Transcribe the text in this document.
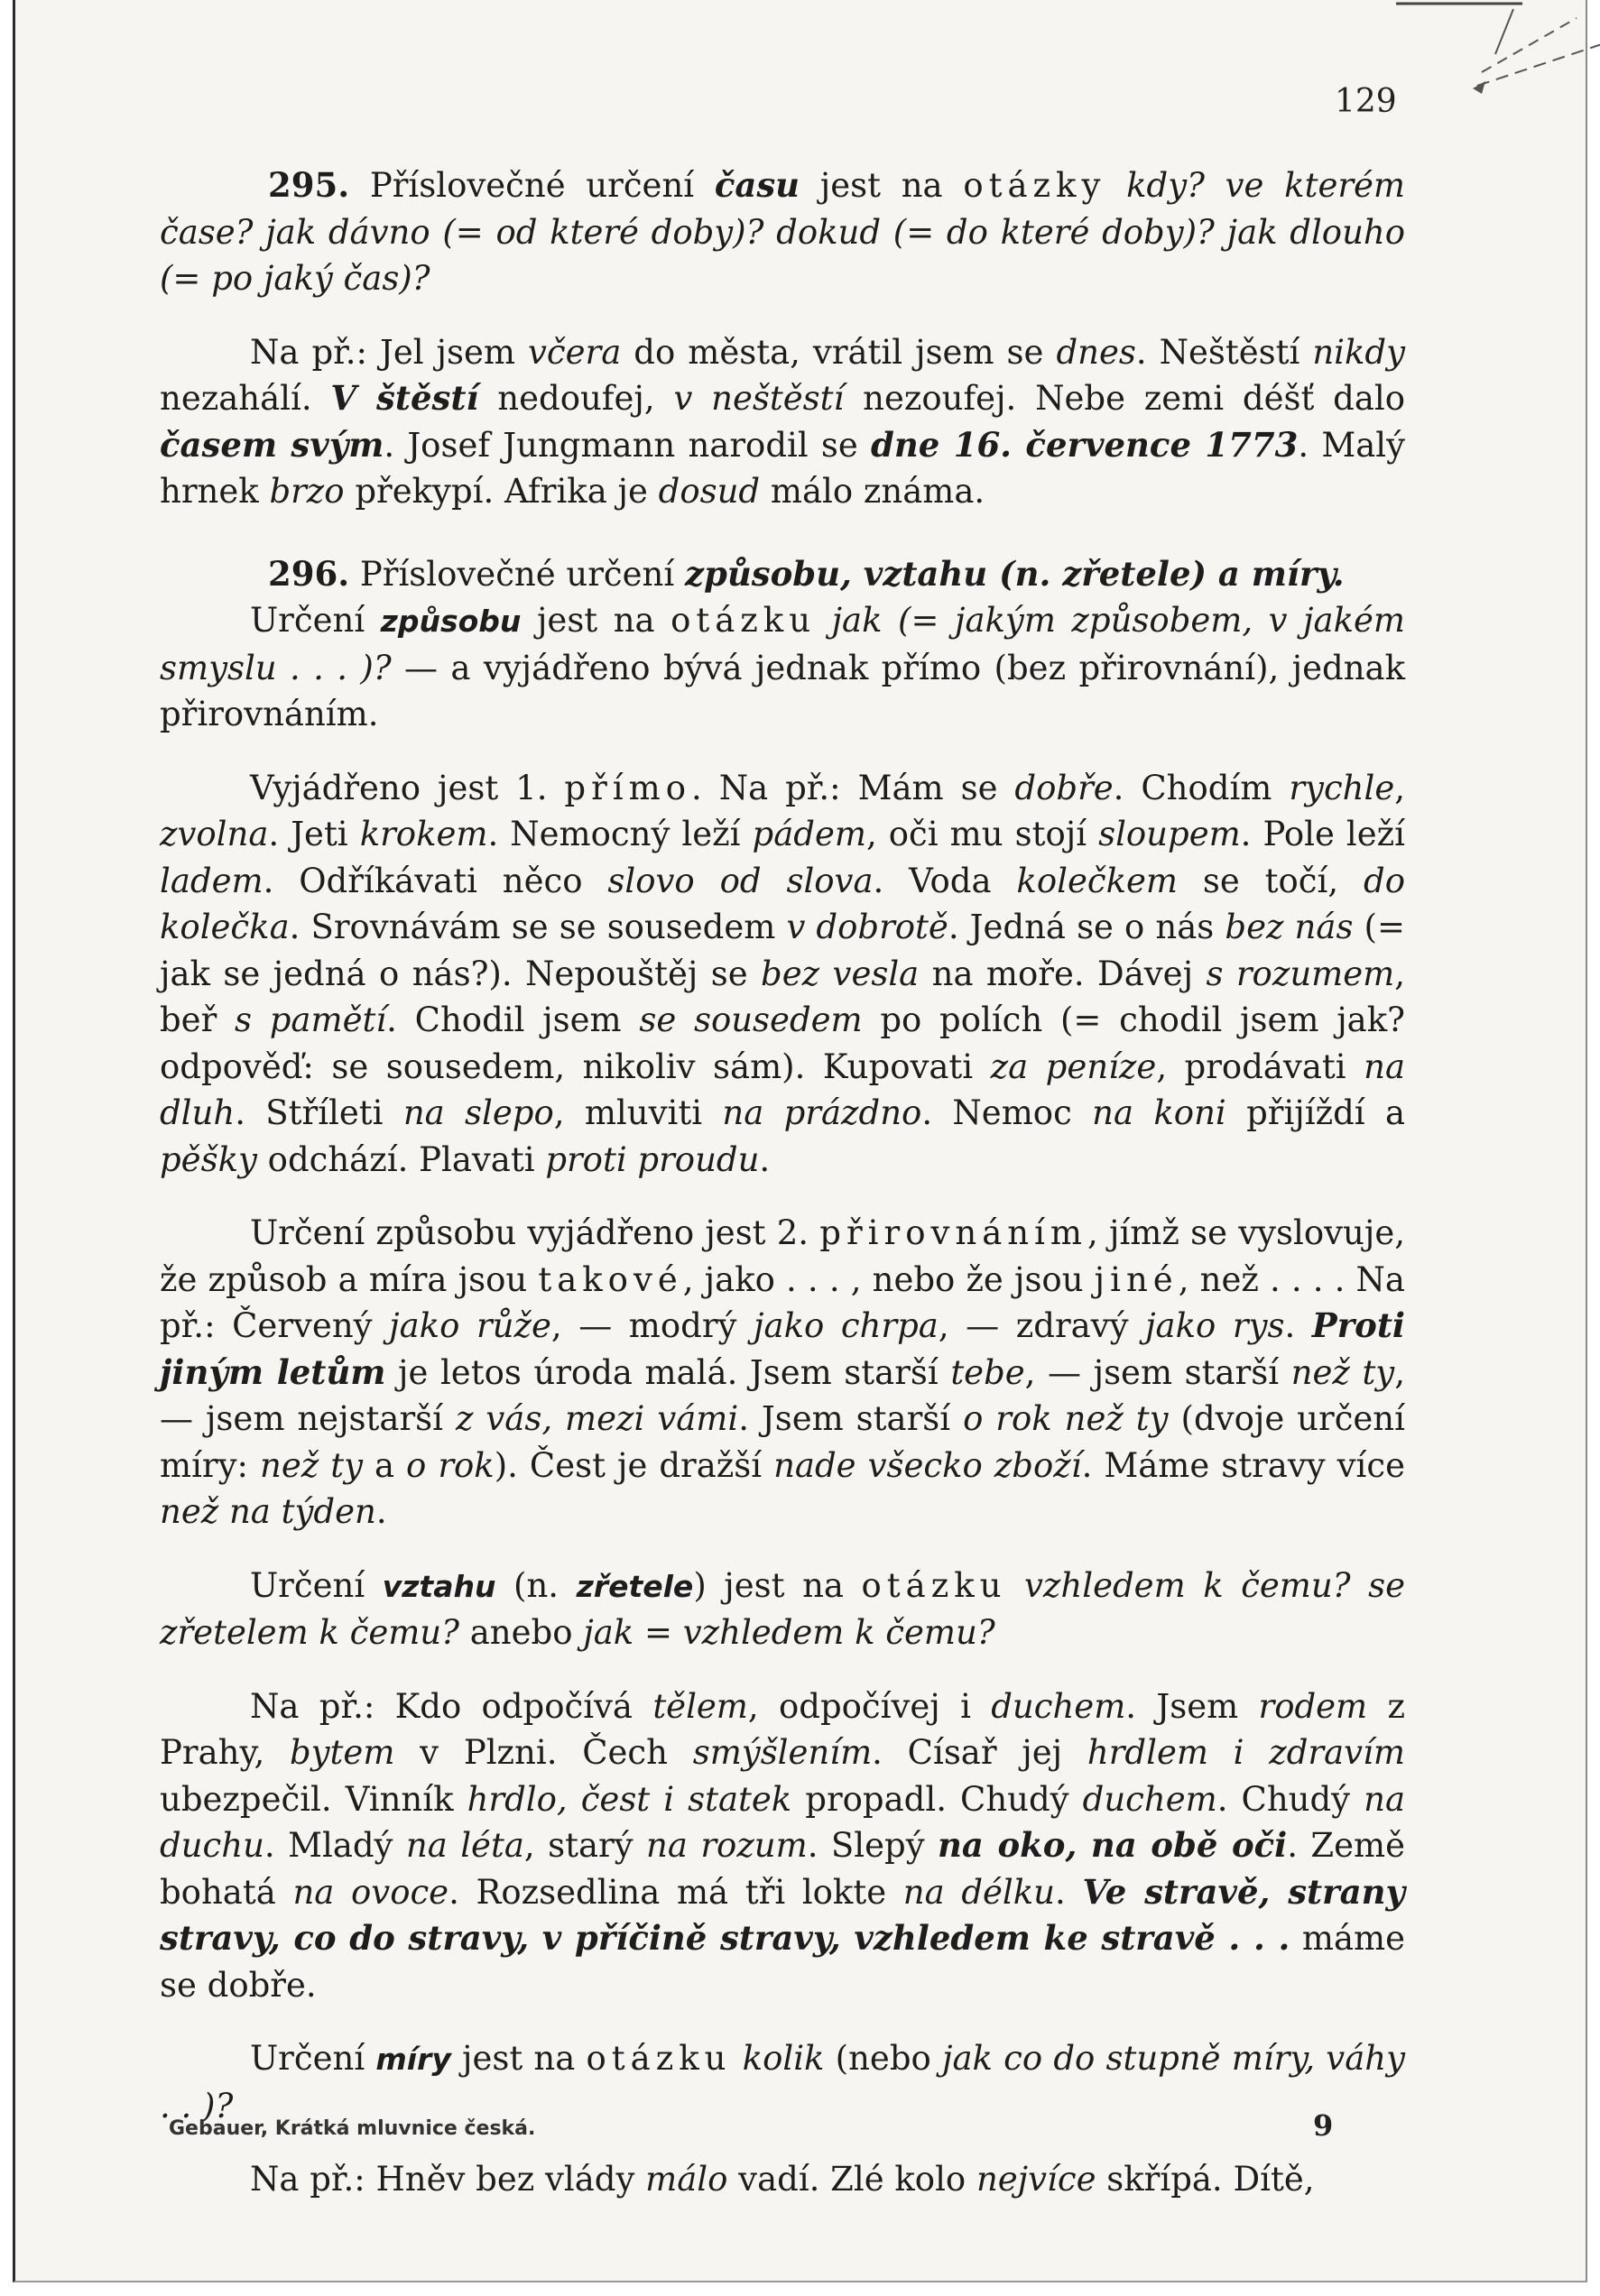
129

295. Příslovečné určení času jest na otázky kdy? ve kterém čase? jak dávno (= od které doby)? dokud (= do které doby)? jak dlouho (= po jaký čas)?

Na př.: Jel jsem včera do města, vrátil jsem se dnes. Neštěstí nikdy nezahálí. V štěstí nedoufej, v neštěstí nezoufej. Nebe zemi déšť dalo časem svým. Josef Jungmann narodil se dne 16. července 1773. Malý hrnek brzo překypí. Afrika je dosud málo známa.

296. Příslovečné určení způsobu, vztahu (n. zřetele) a míry.

Určení způsobu jest na otázku jak (= jakým způsobem, v jakém smyslu . . . )? — a vyjádřeno bývá jednak přímo (bez přirovnání), jednak přirovnáním.

Vyjádřeno jest 1. přímo. Na př.: Mám se dobře. Chodím rychle, zvolna. Jeti krokem. Nemocný leží pádem, oči mu stojí sloupem. Pole leží ladem. Odříkávati něco slovo od slova. Voda kolečkem se točí, do kolečka. Srovnávám se se sousedem v dobrotě. Jedná se o nás bez nás (= jak se jedná o nás?). Nepouštěj se bez vesla na moře. Dávej s rozumem, beř s pamětí. Chodil jsem se sousedem po polích (= chodil jsem jak? odpověď: se sousedem, nikoliv sám). Kupovati za peníze, prodávati na dluh. Stříleti na slepo, mluviti na prázdno. Nemoc na koni přijíždí a pěšky odchází. Plavati proti proudu.

Určení způsobu vyjádřeno jest 2. přirovnáním, jímž se vyslovuje, že způsob a míra jsou takové, jako . . . , nebo že jsou jiné, než . . . . Na př.: Červený jako růže, — modrý jako chrpa, — zdravý jako rys. Proti jiným letům je letos úroda malá. Jsem starší tebe, — jsem starší než ty, — jsem nejstarší z vás, mezi vámi. Jsem starší o rok než ty (dvoje určení míry: než ty a o rok). Čest je dražší nade všecko zboží. Máme stravy více než na týden.

Určení vztahu (n. zřetele) jest na otázku vzhledem k čemu? se zřetelem k čemu? anebo jak = vzhledem k čemu?

Na př.: Kdo odpočívá tělem, odpočívej i duchem. Jsem rodem z Prahy, bytem v Plzni. Čech smýšlením. Císař jej hrdlem i zdravím ubezpečil. Vinník hrdlo, čest i statek propadl. Chudý duchem. Chudý na duchu. Mladý na léta, starý na rozum. Slepý na oko, na obě oči. Země bohatá na ovoce. Rozsedlina má tři lokte na délku. Ve stravě, strany stravy, co do stravy, v příčině stravy, vzhledem ke stravě . . . máme se dobře.

Určení míry jest na otázku kolik (nebo jak co do stupně míry, váhy . . )?

Na př.: Hněv bez vlády málo vadí. Zlé kolo nejvíce skřípá. Dítě,

Gebauer, Krátká mluvnice česká.	9
